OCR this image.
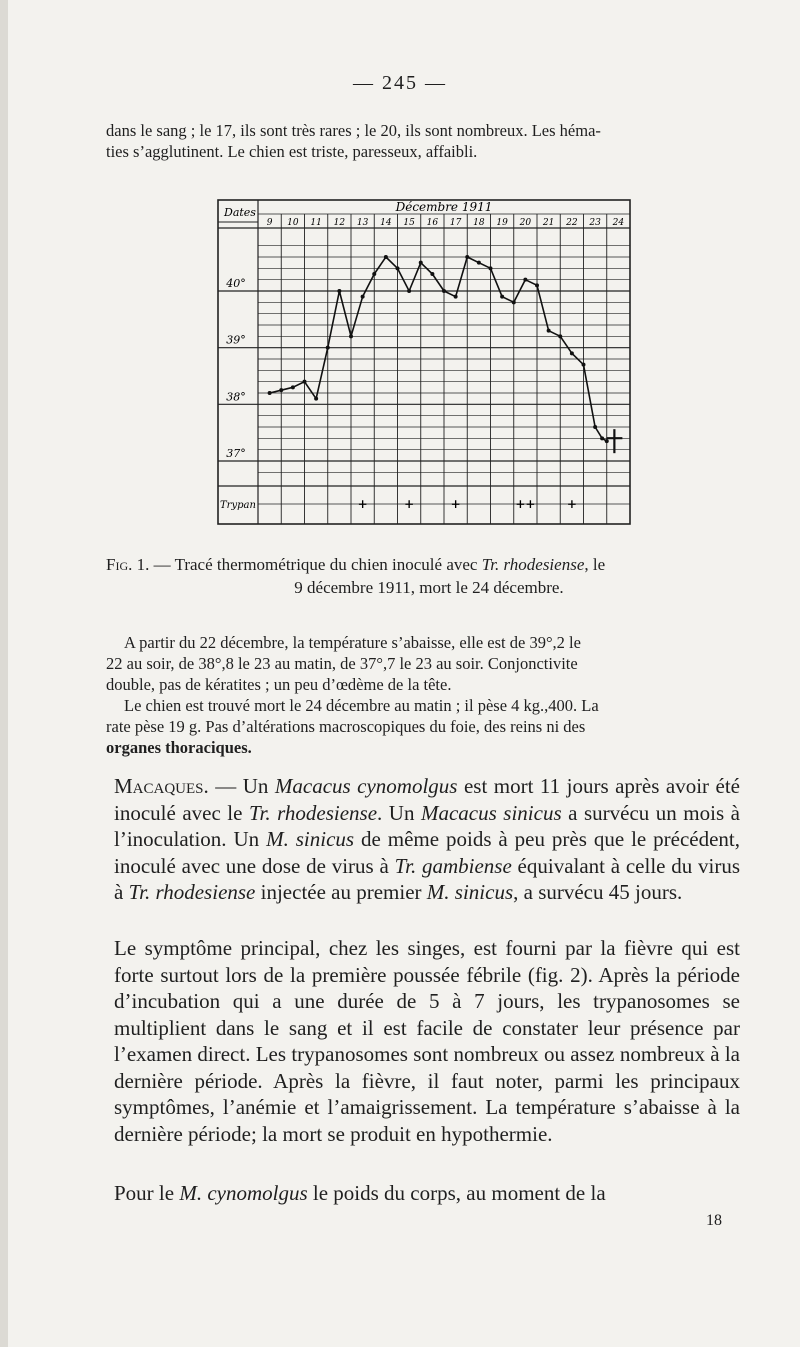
— 245 —
dans le sang ; le 17, ils sont très rares ; le 20, ils sont nombreux. Les héma-
ties s’agglutinent. Le chien est triste, paresseux, affaibli.
Dates	Décembre 1911
9 10 11 12 13 14 15 16 17 18 19 20 21 22 23 24
40°
39°
38°
37°
Trypan	+	+	+	++	+
Fig. 1. — Tracé thermométrique du chien inoculé avec Tr. rhodesiense, le
9 décembre 1911, mort le 24 décembre.
A partir du 22 décembre, la température s’abaisse, elle est de 39°,2 le
22 au soir, de 38°,8 le 23 au matin, de 37°,7 le 23 au soir. Conjonctivite
double, pas de kératites ; un peu d’œdème de la tête.
Le chien est trouvé mort le 24 décembre au matin ; il pèse 4 kg.,400. La
rate pèse 19 g. Pas d’altérations macroscopiques du foie, des reins ni des
organes thoraciques.
Macaques. — Un Macacus cynomolgus est mort 11 jours après avoir été inoculé avec le Tr. rhodesiense. Un Macacus sinicus a survécu un mois à l’inoculation. Un M. sinicus de même poids à peu près que le précédent, inoculé avec une dose de virus à Tr. gambiense équivalant à celle du virus à Tr. rhodesiense injectée au premier M. sinicus, a survécu 45 jours.
Le symptôme principal, chez les singes, est fourni par la fièvre qui est forte surtout lors de la première poussée fébrile (fig. 2). Après la période d’incubation qui a une durée de 5 à 7 jours, les trypanosomes se multiplient dans le sang et il est facile de constater leur présence par l’examen direct. Les trypanosomes sont nombreux ou assez nombreux à la dernière période. Après la fièvre, il faut noter, parmi les principaux symptômes, l’anémie et l’amaigrissement. La température s’abaisse à la dernière période; la mort se produit en hypothermie.
Pour le M. cynomolgus le poids du corps, au moment de la
18
